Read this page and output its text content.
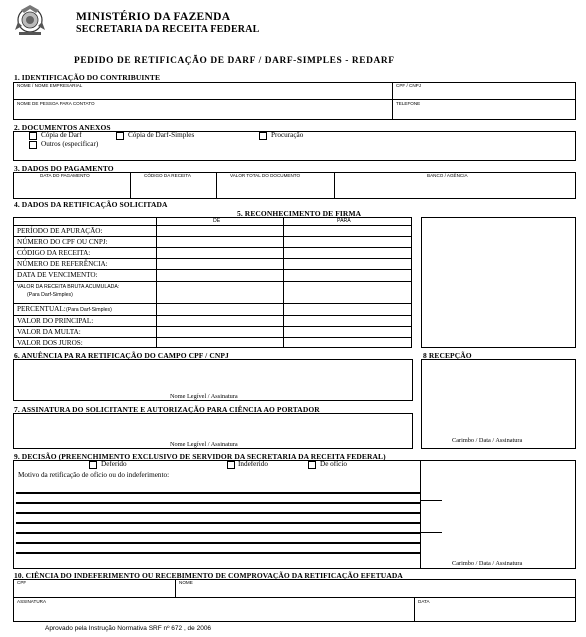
MINISTÉRIO DA FAZENDA
SECRETARIA DA RECEITA FEDERAL
PEDIDO DE RETIFICAÇÃO DE DARF / DARF-SIMPLES - REDARF
1. IDENTIFICAÇÃO DO CONTRIBUINTE
NOME / NOME EMPRESARIAL	CPF / CNPJ
NOME DE PESSOA PARA CONTATO	TELEFONE
2. DOCUMENTOS ANEXOS
Cópia de Darf	Cópia de Darf-Simples	Procuração
Outros (especificar)
3. DADOS DO PAGAMENTO
DATA DO PAGAMENTO	CÓDIGO DA RECEITA	VALOR TOTAL DO DOCUMENTO	BANCO / AGÊNCIA
4. DADOS DA RETIFICAÇÃO SOLICITADA
5. RECONHECIMENTO DE FIRMA
DE	PARA
PERÍODO DE APURAÇÃO:
NÚMERO DO CPF OU CNPJ:
CÓDIGO DA RECEITA:
NÚMERO DE REFERÊNCIA:
DATA DE VENCIMENTO:
VALOR DA RECEITA BRUTA ACUMULADA:
(Para Darf-Simples)
PERCENTUAL: (Para Darf-Simples)
VALOR DO PRINCIPAL:
VALOR DA MULTA:
VALOR DOS JUROS:
6. ANUÊNCIA PA RA RETIFICAÇÃO DO CAMPO CPF / CNPJ
Nome Legível / Assinatura
8 RECEPÇÃO
Carimbo / Data / Assinatura
7. ASSINATURA DO SOLICITANTE E AUTORIZAÇÃO PARA CIÊNCIA AO PORTADOR
Nome Legível / Assinatura
9. DECISÃO (PREENCHIMENTO EXCLUSIVO DE SERVIDOR DA SECRETARIA DA RECEITA FEDERAL)
Deferido	Indeferido	De ofício
Motivo da retificação de ofício ou do indeferimento:
Carimbo / Data / Assinatura
10. CIÊNCIA DO INDEFERIMENTO OU RECEBIMENTO DE COMPROVAÇÃO DA RETIFICAÇÃO EFETUADA
CPF	NOME
ASSINATURA	DATA
Aprovado pela Instrução Normativa SRF nº 672 , de 2006
